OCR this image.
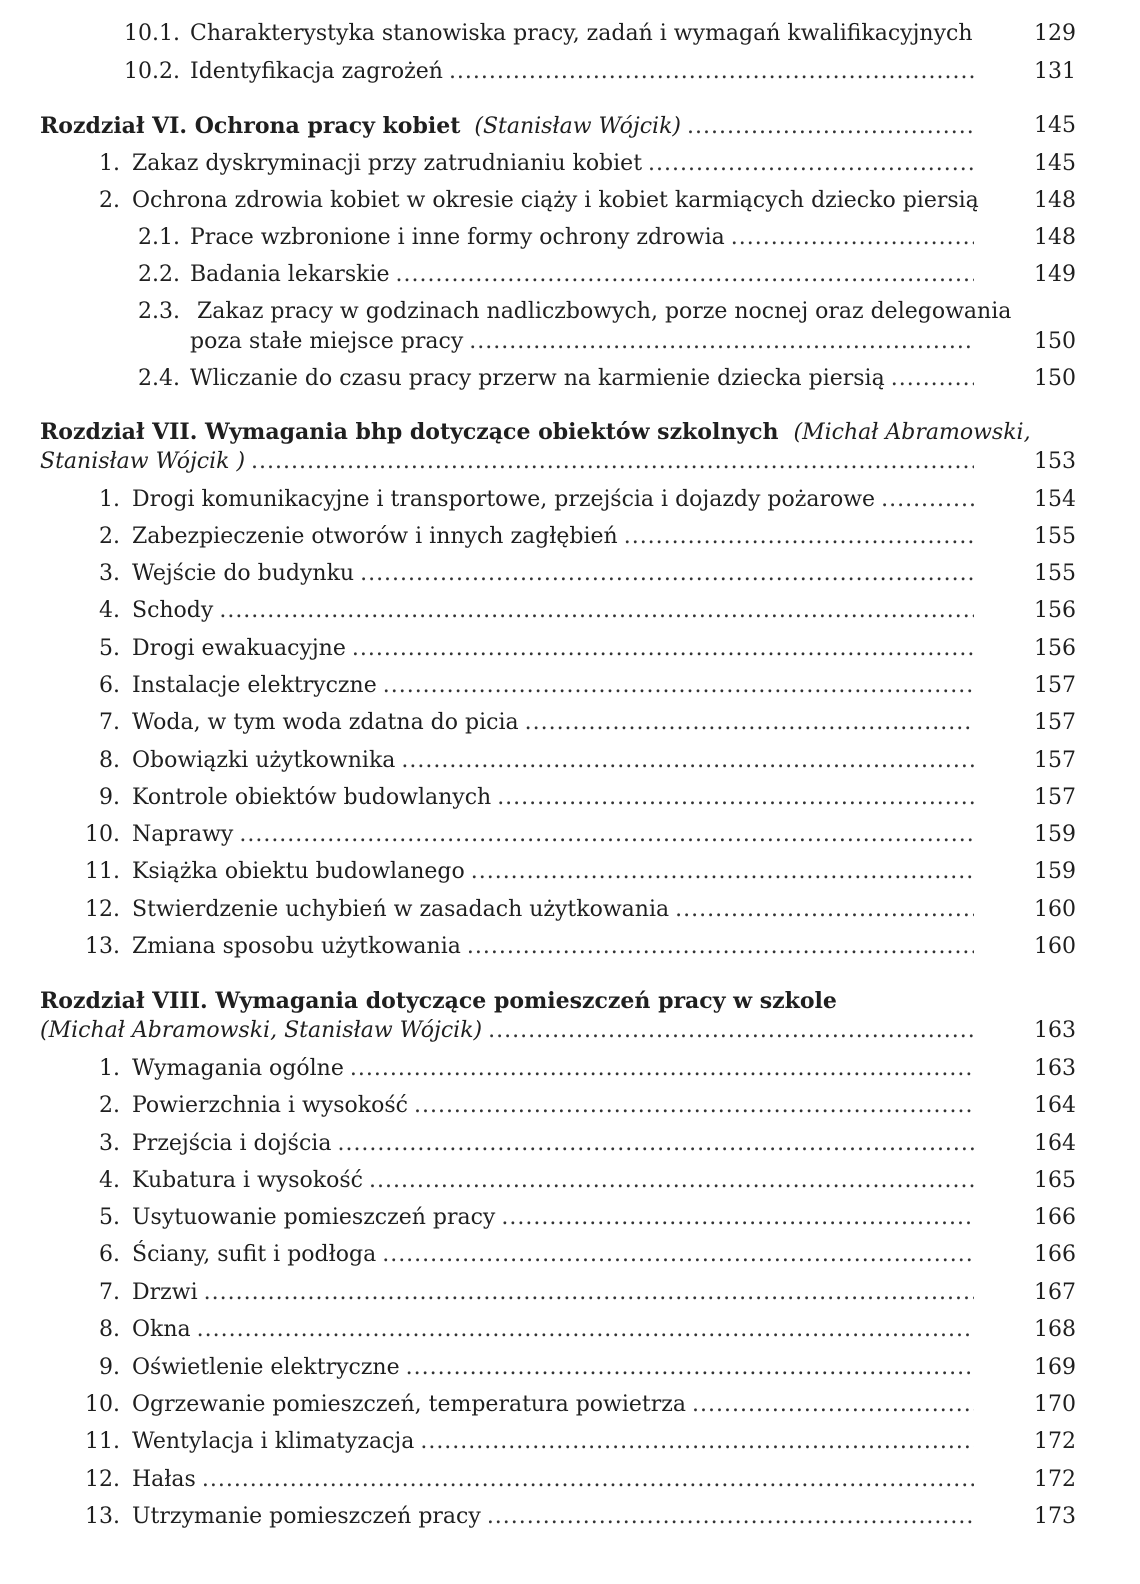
10.1. Charakterystyka stanowiska pracy, zadań i wymagań kwalifikacyjnych	129
10.2. Identyfikacja zagrożeń .....	131
Rozdział VI. Ochrona pracy kobiet (Stanisław Wójcik) .....	145
1. Zakaz dyskryminacji przy zatrudnianiu kobiet .....	145
2. Ochrona zdrowia kobiet w okresie ciąży i kobiet karmiących dziecko piersią	148
2.1. Prace wzbronione i inne formy ochrony zdrowia .....	148
2.2. Badania lekarskie .....	149
2.3. Zakaz pracy w godzinach nadliczbowych, porze nocnej oraz delegowania
poza stałe miejsce pracy .....	150
2.4. Wliczanie do czasu pracy przerw na karmienie dziecka piersią .....	150
Rozdział VII. Wymagania bhp dotyczące obiektów szkolnych (Michał Abramowski,
Stanisław Wójcik ) .....	153
1. Drogi komunikacyjne i transportowe, przejścia i dojazdy pożarowe .....	154
2. Zabezpieczenie otworów i innych zagłębień .....	155
3. Wejście do budynku .....	155
4. Schody .....	156
5. Drogi ewakuacyjne .....	156
6. Instalacje elektryczne .....	157
7. Woda, w tym woda zdatna do picia .....	157
8. Obowiązki użytkownika .....	157
9. Kontrole obiektów budowlanych .....	157
10. Naprawy .....	159
11. Książka obiektu budowlanego .....	159
12. Stwierdzenie uchybień w zasadach użytkowania .....	160
13. Zmiana sposobu użytkowania .....	160
Rozdział VIII. Wymagania dotyczące pomieszczeń pracy w szkole
(Michał Abramowski, Stanisław Wójcik) .....	163
1. Wymagania ogólne .....	163
2. Powierzchnia i wysokość .....	164
3. Przejścia i dojścia .....	164
4. Kubatura i wysokość .....	165
5. Usytuowanie pomieszczeń pracy .....	166
6. Ściany, sufit i podłoga .....	166
7. Drzwi .....	167
8. Okna .....	168
9. Oświetlenie elektryczne .....	169
10. Ogrzewanie pomieszczeń, temperatura powietrza .....	170
11. Wentylacja i klimatyzacja .....	172
12. Hałas .....	172
13. Utrzymanie pomieszczeń pracy .....	173
